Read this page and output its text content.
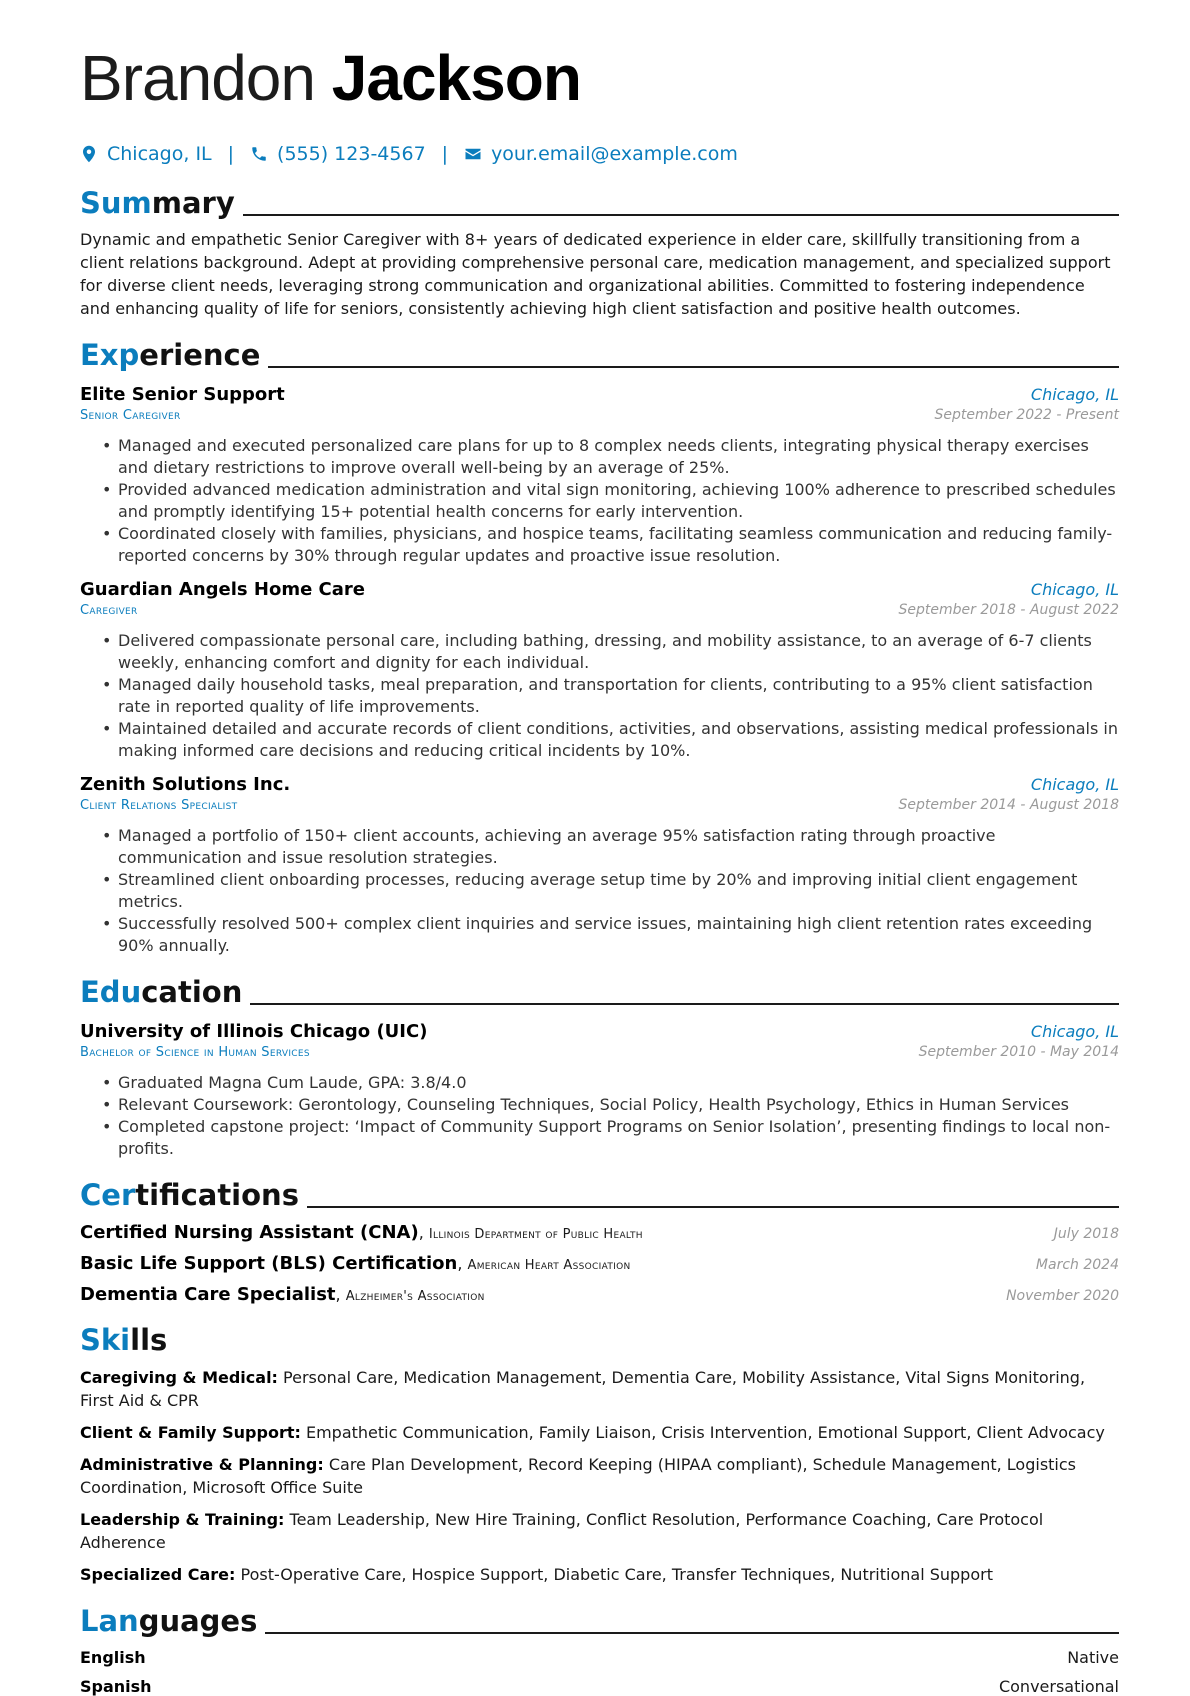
Brandon Jackson
Chicago, IL | (555) 123-4567 | your.email@example.com
Summary
Dynamic and empathetic Senior Caregiver with 8+ years of dedicated experience in elder care, skillfully transitioning from a client relations background. Adept at providing comprehensive personal care, medication management, and specialized support for diverse client needs, leveraging strong communication and organizational abilities. Committed to fostering independence and enhancing quality of life for seniors, consistently achieving high client satisfaction and positive health outcomes.
Experience
Elite Senior Support	Chicago, IL
Senior Caregiver	September 2022 - Present
• Managed and executed personalized care plans for up to 8 complex needs clients, integrating physical therapy exercises and dietary restrictions to improve overall well-being by an average of 25%.
• Provided advanced medication administration and vital sign monitoring, achieving 100% adherence to prescribed schedules and promptly identifying 15+ potential health concerns for early intervention.
• Coordinated closely with families, physicians, and hospice teams, facilitating seamless communication and reducing family-reported concerns by 30% through regular updates and proactive issue resolution.
Guardian Angels Home Care	Chicago, IL
Caregiver	September 2018 - August 2022
• Delivered compassionate personal care, including bathing, dressing, and mobility assistance, to an average of 6-7 clients weekly, enhancing comfort and dignity for each individual.
• Managed daily household tasks, meal preparation, and transportation for clients, contributing to a 95% client satisfaction rate in reported quality of life improvements.
• Maintained detailed and accurate records of client conditions, activities, and observations, assisting medical professionals in making informed care decisions and reducing critical incidents by 10%.
Zenith Solutions Inc.	Chicago, IL
Client Relations Specialist	September 2014 - August 2018
• Managed a portfolio of 150+ client accounts, achieving an average 95% satisfaction rating through proactive communication and issue resolution strategies.
• Streamlined client onboarding processes, reducing average setup time by 20% and improving initial client engagement metrics.
• Successfully resolved 500+ complex client inquiries and service issues, maintaining high client retention rates exceeding 90% annually.
Education
University of Illinois Chicago (UIC)	Chicago, IL
Bachelor of Science in Human Services	September 2010 - May 2014
• Graduated Magna Cum Laude, GPA: 3.8/4.0
• Relevant Coursework: Gerontology, Counseling Techniques, Social Policy, Health Psychology, Ethics in Human Services
• Completed capstone project: ‘Impact of Community Support Programs on Senior Isolation’, presenting findings to local non-profits.
Certifications
Certified Nursing Assistant (CNA), Illinois Department of Public Health	July 2018
Basic Life Support (BLS) Certification, American Heart Association	March 2024
Dementia Care Specialist, Alzheimer's Association	November 2020
Skills
Caregiving & Medical: Personal Care, Medication Management, Dementia Care, Mobility Assistance, Vital Signs Monitoring, First Aid & CPR
Client & Family Support: Empathetic Communication, Family Liaison, Crisis Intervention, Emotional Support, Client Advocacy
Administrative & Planning: Care Plan Development, Record Keeping (HIPAA compliant), Schedule Management, Logistics Coordination, Microsoft Office Suite
Leadership & Training: Team Leadership, New Hire Training, Conflict Resolution, Performance Coaching, Care Protocol Adherence
Specialized Care: Post-Operative Care, Hospice Support, Diabetic Care, Transfer Techniques, Nutritional Support
Languages
English	Native
Spanish	Conversational
